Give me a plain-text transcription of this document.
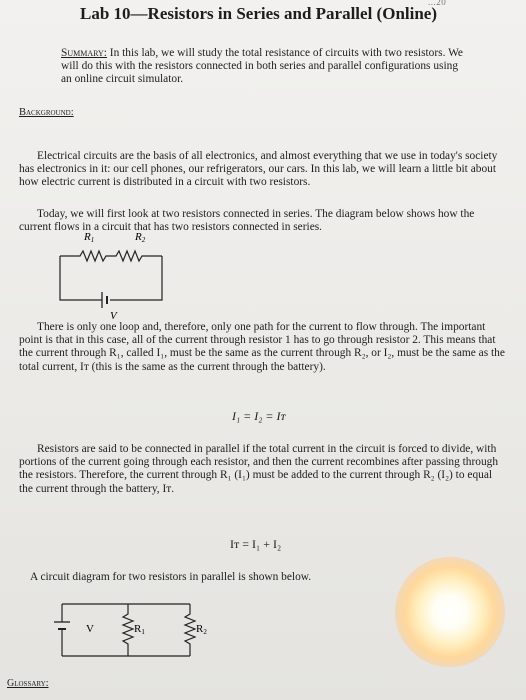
...20
Lab 10—Resistors in Series and Parallel (Online)
Summary: In this lab, we will study the total resistance of circuits with two resistors. We will do this with the resistors connected in both series and parallel configurations using an online circuit simulator.
Background:
Electrical circuits are the basis of all electronics, and almost everything that we use in today's society has electronics in it: our cell phones, our refrigerators, our cars. In this lab, we will learn a little bit about how electric current is distributed in a circuit with two resistors.
Today, we will first look at two resistors connected in series. The diagram below shows how the current flows in a circuit that has two resistors connected in series.
R1	R2
V
There is only one loop and, therefore, only one path for the current to flow through. The important point is that in this case, all of the current through resistor 1 has to go through resistor 2. This means that the current through R₁, called I₁, must be the same as the current through R₂, or I₂, must be the same as the total current, Iᴛ (this is the same as the current through the battery).
I₁ = I₂ = Iᴛ
Resistors are said to be connected in parallel if the total current in the circuit is forced to divide, with portions of the current going through each resistor, and then the current recombines after passing through the resistors. Therefore, the current through R₁ (I₁) must be added to the current through R₂ (I₂) to equal the current through the battery, Iᴛ.
Iᴛ = I₁ + I₂
A circuit diagram for two resistors in parallel is shown below.
V	R1	R2
Glossary:
